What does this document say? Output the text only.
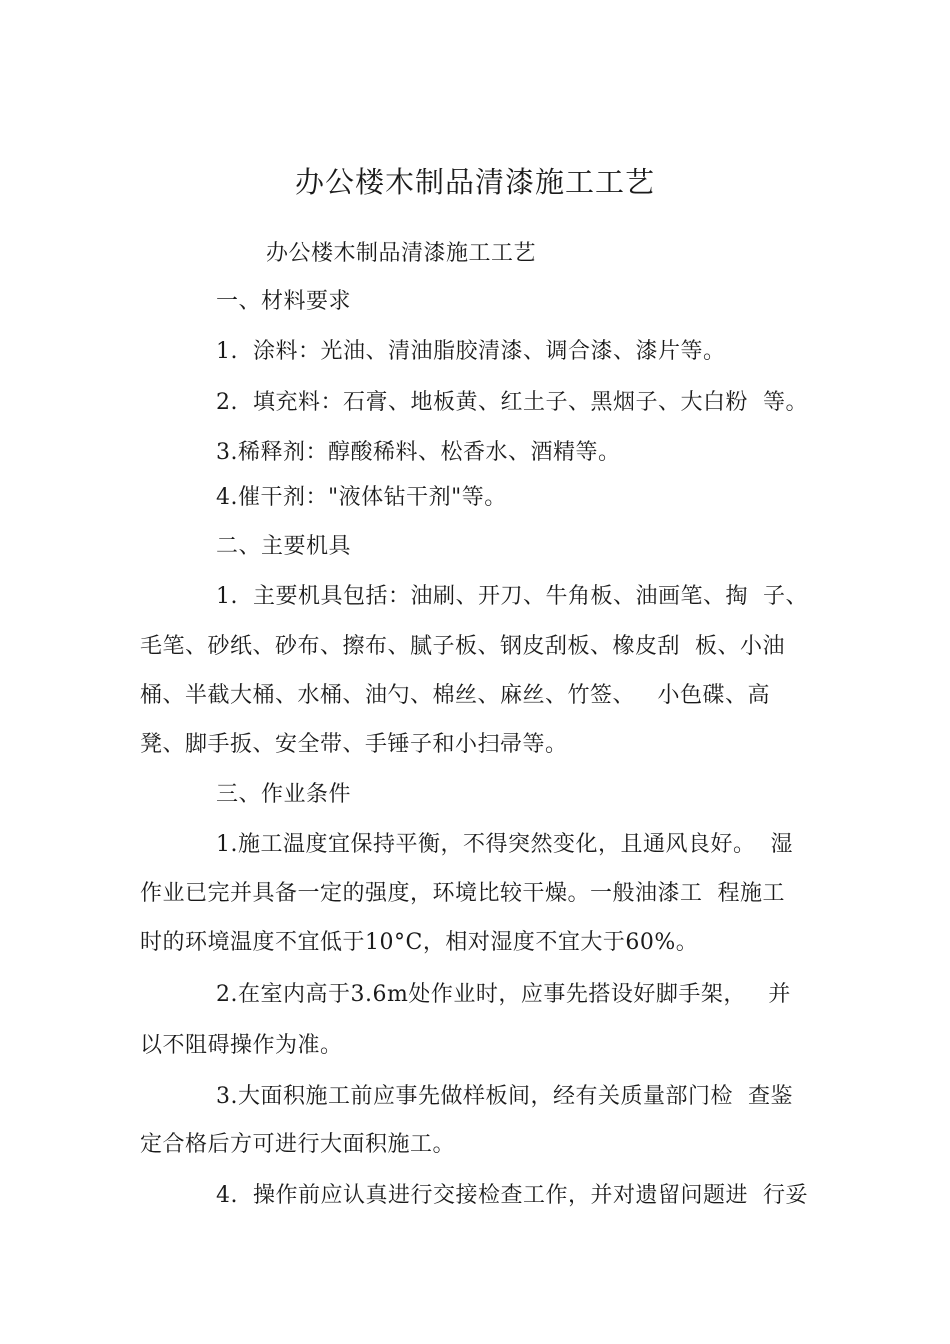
办公楼木制品清漆施工工艺
办公楼木制品清漆施工工艺
一、材料要求
1.  涂料：光油、清油脂胶清漆、调合漆、漆片等。
2.  填充料：石膏、地板黄、红土子、黑烟子、大白粉  等。
3.稀释剂：醇酸稀料、松香水、酒精等。
4.催干剂："液体钻干剂"等。
二、主要机具
1.  主要机具包括：油刷、开刀、牛角板、油画笔、掏  子、
毛笔、砂纸、砂布、擦布、腻子板、钢皮刮板、橡皮刮  板、小油
桶、半截大桶、水桶、油勺、棉丝、麻丝、竹签、   小色碟、高
凳、脚手扳、安全带、手锤子和小扫帚等。
三、作业条件
1.施工温度宜保持平衡，不得突然变化，且通风良好。  湿
作业已完并具备一定的强度，环境比较干燥。一般油漆工  程施工
时的环境温度不宜低于10°C，相对湿度不宜大于60%。
2.在室内高于3.6m处作业时，应事先搭设好脚手架，   并
以不阻碍操作为准。
3.大面积施工前应事先做样板间，经有关质量部门检  查鉴
定合格后方可进行大面积施工。
4.  操作前应认真进行交接检查工作，并对遗留问题进  行妥
